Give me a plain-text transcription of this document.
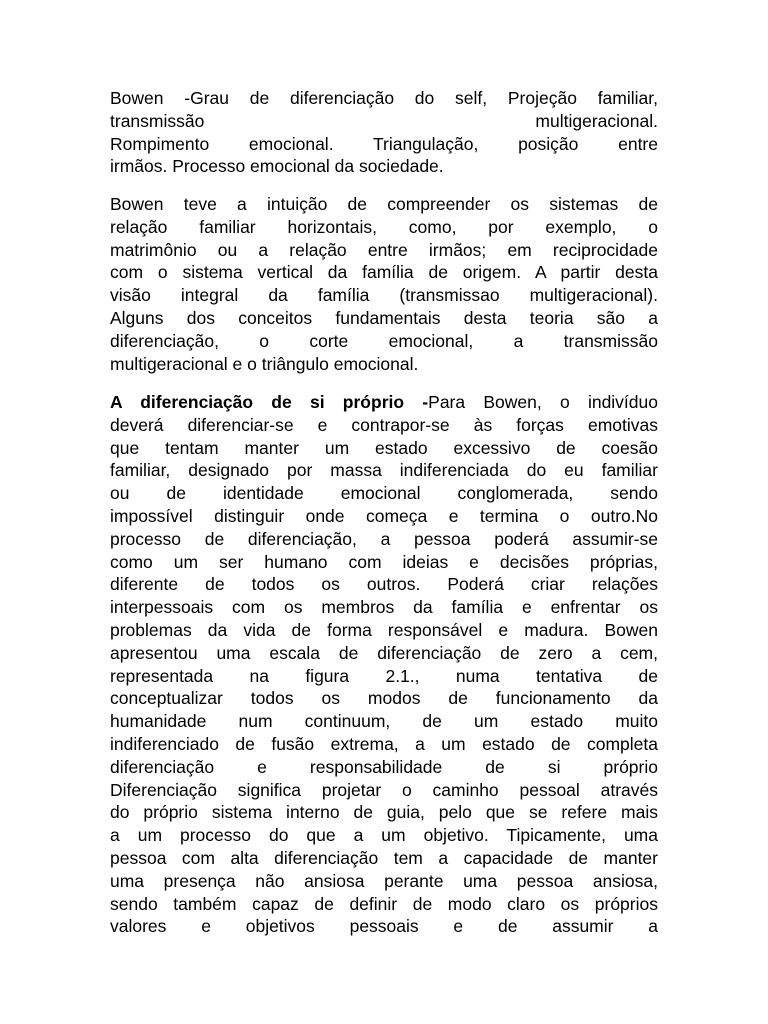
Bowen -Grau de diferenciação do self, Projeção familiar,
transmissão multigeracional.
Rompimento emocional. Triangulação, posição entre
irmãos. Processo emocional da sociedade.
Bowen teve a intuição de compreender os sistemas de
relação familiar horizontais, como, por exemplo, o
matrimônio ou a relação entre irmãos; em reciprocidade
com o sistema vertical da família de origem. A partir desta
visão integral da família (transmissao multigeracional).
Alguns dos conceitos fundamentais desta teoria são a
diferenciação, o corte emocional, a transmissão
multigeracional e o triângulo emocional.
A diferenciação de si próprio -Para Bowen, o indivíduo
deverá diferenciar-se e contrapor-se às forças emotivas
que tentam manter um estado excessivo de coesão
familiar, designado por massa indiferenciada do eu familiar
ou de identidade emocional conglomerada, sendo
impossível distinguir onde começa e termina o outro.No
processo de diferenciação, a pessoa poderá assumir-se
como um ser humano com ideias e decisões próprias,
diferente de todos os outros. Poderá criar relações
interpessoais com os membros da família e enfrentar os
problemas da vida de forma responsável e madura. Bowen
apresentou uma escala de diferenciação de zero a cem,
representada na figura 2.1., numa tentativa de
conceptualizar todos os modos de funcionamento da
humanidade num continuum, de um estado muito
indiferenciado de fusão extrema, a um estado de completa
diferenciação e responsabilidade de si próprio
Diferenciação significa projetar o caminho pessoal através
do próprio sistema interno de guia, pelo que se refere mais
a um processo do que a um objetivo. Tipicamente, uma
pessoa com alta diferenciação tem a capacidade de manter
uma presença não ansiosa perante uma pessoa ansiosa,
sendo também capaz de definir de modo claro os próprios
valores e objetivos pessoais e de assumir a
